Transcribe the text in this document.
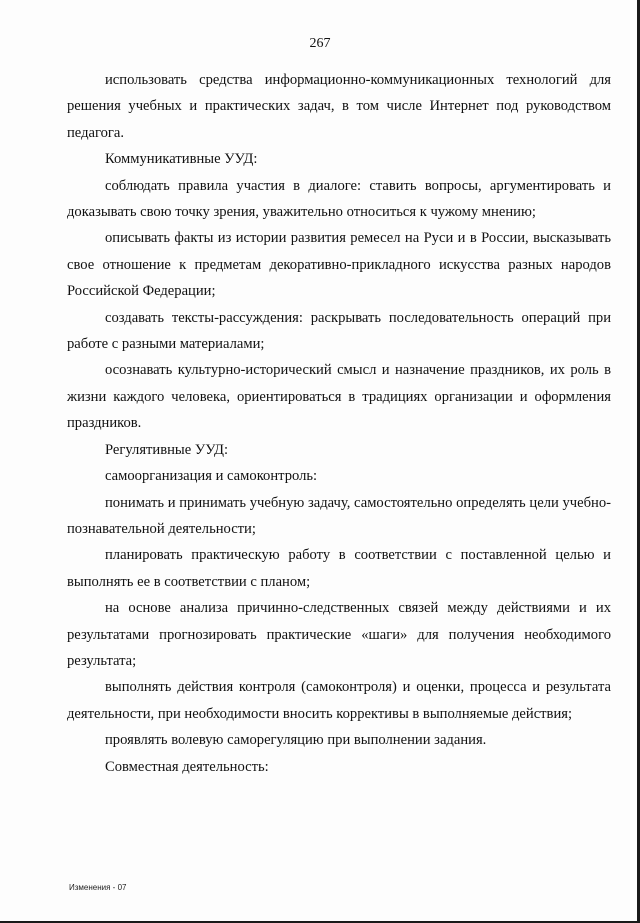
267

использовать средства информационно-коммуникационных технологий для решения учебных и практических задач, в том числе Интернет под руководством педагога.

Коммуникативные УУД:

соблюдать правила участия в диалоге: ставить вопросы, аргументировать и доказывать свою точку зрения, уважительно относиться к чужому мнению;

описывать факты из истории развития ремесел на Руси и в России, высказывать свое отношение к предметам декоративно-прикладного искусства разных народов Российской Федерации;

создавать тексты-рассуждения: раскрывать последовательность операций при работе с разными материалами;

осознавать культурно-исторический смысл и назначение праздников, их роль в жизни каждого человека, ориентироваться в традициях организации и оформления праздников.

Регулятивные УУД:

самоорганизация и самоконтроль:

понимать и принимать учебную задачу, самостоятельно определять цели учебно-познавательной деятельности;

планировать практическую работу в соответствии с поставленной целью и выполнять ее в соответствии с планом;

на основе анализа причинно-следственных связей между действиями и их результатами прогнозировать практические «шаги» для получения необходимого результата;

выполнять действия контроля (самоконтроля) и оценки, процесса и результата деятельности, при необходимости вносить коррективы в выполняемые действия;

проявлять волевую саморегуляцию при выполнении задания.

Совместная деятельность:

Изменения - 07
